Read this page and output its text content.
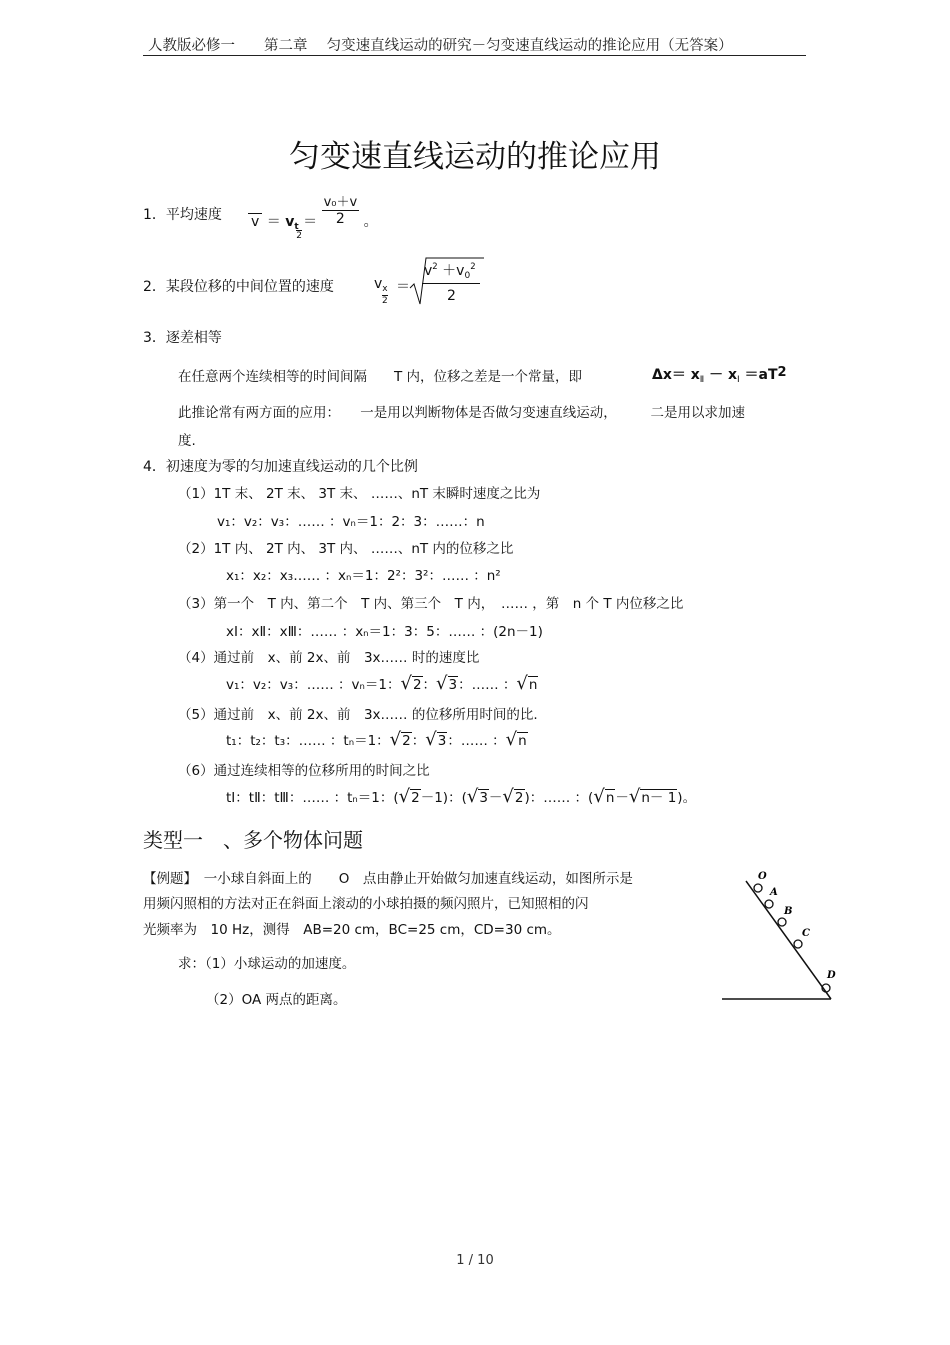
人教版必修一　　第二章　 匀变速直线运动的研究－匀变速直线运动的推论应用（无答案）
匀变速直线运动的推论应用
1．平均速度 $v = v_t$
2
＝ $\frac{\text{v₀＋v}}{2}$ 。
2．某段位移的中间位置的速度	$v_x$
2
＝
$v^2 +v_0^2$
2
3．逐差相等
在任意两个连续相等的时间间隔　　T 内，位移之差是一个常量，即	$\Delta x= x_Ⅱ - x_Ⅰ =aT2$
此推论常有两方面的应用：　　一是用以判断物体是否做匀变速直线运动，　　　二是用以求加速
度.
4．初速度为零的匀加速直线运动的几个比例
（1）1T 末、 2T 末、 3T 末、 ……、nT 末瞬时速度之比为
v₁：v₂：v₃：…… ：vₙ＝1：2：3：……：n
（2）1T 内、 2T 内、 3T 内、 ……、nT 内的位移之比
x₁：x₂：x₃…… ：xₙ＝1：2²：3²：…… ：n²
（3）第一个　T 内、第二个　T 内、第三个　T 内，　…… ，第　n 个 T 内位移之比
xⅠ：xⅡ：xⅢ：…… ：xₙ＝1：3：5：…… ：(2n－1)
（4）通过前　x、前 2x、前　3x…… 时的速度比
v₁：v₂：v₃：…… ：vₙ＝1：√2：√3：…… ：√n
（5）通过前　x、前 2x、前　3x…… 的位移所用时间的比.
t₁：t₂：t₃：…… ：tₙ＝1：√2：√3：…… ：√n
（6）通过连续相等的位移所用的时间之比
tⅠ：tⅡ：tⅢ：…… ：tₙ＝1：(√2－1)：(√3－√2)：…… ：(√n－√n－ 1)。
类型一　、多个物体问题
【例题】　一小球自斜面上的　　O　点由静止开始做匀加速直线运动，如图所示是
用频闪照相的方法对正在斜面上滚动的小球拍摄的频闪照片，已知照相的闪
光频率为　10 Hz，测得　AB=20 cm，BC=25 cm，CD=30 cm。
求：（1）小球运动的加速度。
（2）OA 两点的距离。
O
A
B
C
D
1 / 10
